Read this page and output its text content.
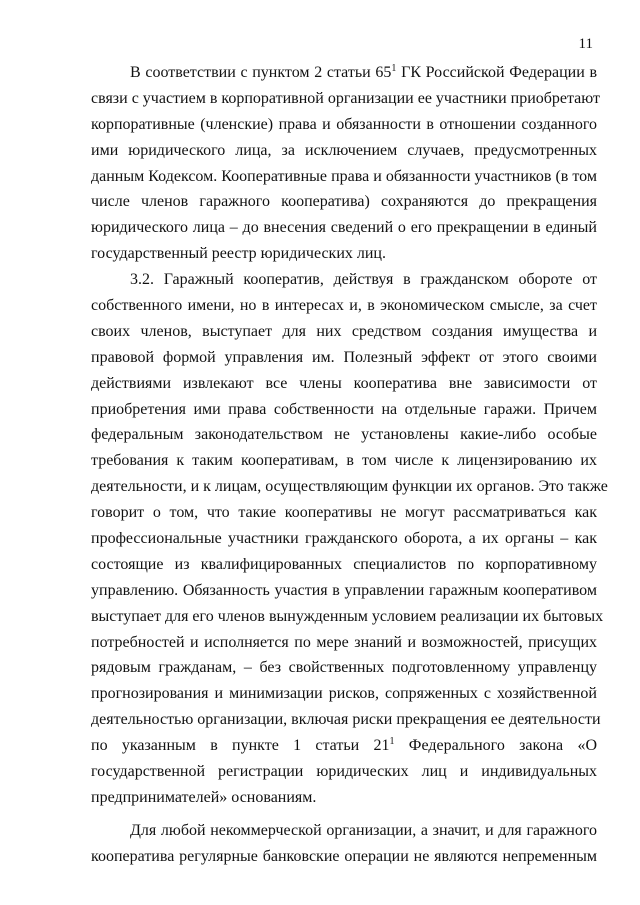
11

В соответствии с пунктом 2 статьи $65^1$ ГК Российской Федерации в
связи с участием в корпоративной организации ее участники приобретают
корпоративные (членские) права и обязанности в отношении созданного
ими юридического лица, за исключением случаев, предусмотренных
данным Кодексом. Кооперативные права и обязанности участников (в том
числе членов гаражного кооператива) сохраняются до прекращения
юридического лица – до внесения сведений о его прекращении в единый
государственный реестр юридических лиц.

3.2. Гаражный кооператив, действуя в гражданском обороте от
собственного имени, но в интересах и, в экономическом смысле, за счет
своих членов, выступает для них средством создания имущества и
правовой формой управления им. Полезный эффект от этого своими
действиями извлекают все члены кооператива вне зависимости от
приобретения ими права собственности на отдельные гаражи. Причем
федеральным законодательством не установлены какие-либо особые
требования к таким кооперативам, в том числе к лицензированию их
деятельности, и к лицам, осуществляющим функции их органов. Это также
говорит о том, что такие кооперативы не могут рассматриваться как
профессиональные участники гражданского оборота, а их органы – как
состоящие из квалифицированных специалистов по корпоративному
управлению. Обязанность участия в управлении гаражным кооперативом
выступает для его членов вынужденным условием реализации их бытовых
потребностей и исполняется по мере знаний и возможностей, присущих
рядовым гражданам, – без свойственных подготовленному управленцу
прогнозирования и минимизации рисков, сопряженных с хозяйственной
деятельностью организации, включая риски прекращения ее деятельности
по указанным в пункте 1 статьи $21^1$ Федерального закона «О
государственной регистрации юридических лиц и индивидуальных
предпринимателей» основаниям.

Для любой некоммерческой организации, а значит, и для гаражного
кооператива регулярные банковские операции не являются непременным
